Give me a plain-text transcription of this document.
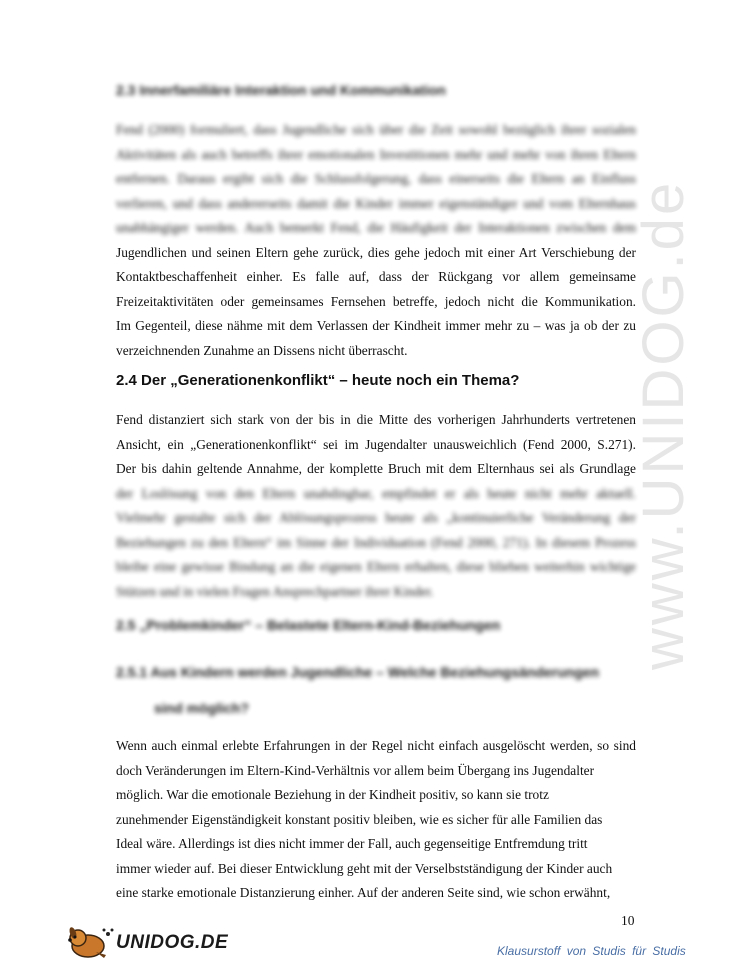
www.UNIDOG.de
2.3 Innerfamiliäre Interaktion und Kommunikation
Fend (2000) formuliert, dass Jugendliche sich über die Zeit sowohl bezüglich ihrer sozialen
Aktivitäten als auch betreffs ihrer emotionalen Investitionen mehr und mehr von ihren Eltern
entfernen. Daraus ergibt sich die Schlussfolgerung, dass einerseits die Eltern an Einfluss
verlieren, und dass andererseits damit die Kinder immer eigenständiger und vom Elternhaus
unabhängiger werden. Auch bemerkt Fend, die Häufigkeit der Interaktionen zwischen dem
Jugendlichen und seinen Eltern gehe zurück, dies gehe jedoch mit einer Art Verschiebung der
Kontaktbeschaffenheit einher. Es falle auf, dass der Rückgang vor allem gemeinsame
Freizeitaktivitäten oder gemeinsames Fernsehen betreffe, jedoch nicht die Kommunikation.
Im Gegenteil, diese nähme mit dem Verlassen der Kindheit immer mehr zu – was ja ob der zu
verzeichnenden Zunahme an Dissens nicht überrascht.
2.4 Der „Generationenkonflikt“ – heute noch ein Thema?
Fend distanziert sich stark von der bis in die Mitte des vorherigen Jahrhunderts vertretenen
Ansicht, ein „Generationenkonflikt“ sei im Jugendalter unausweichlich (Fend 2000, S.271).
Der bis dahin geltende Annahme, der komplette Bruch mit dem Elternhaus sei als Grundlage
der Loslösung von den Eltern unabdingbar, empfindet er als heute nicht mehr aktuell.
Vielmehr gestalte sich der Ablösungsprozess heute als „kontinuierliche Veränderung der
Beziehungen zu den Eltern“ im Sinne der Individuation (Fend 2000, 271). In diesem Prozess
bleibe eine gewisse Bindung an die eigenen Eltern erhalten, diese blieben weiterhin wichtige
Stützen und in vielen Fragen Ansprechpartner ihrer Kinder.
2.5 „Problemkinder“ – Belastete Eltern-Kind-Beziehungen
2.5.1 Aus Kindern werden Jugendliche – Welche Beziehungsänderungen
sind möglich?
Wenn auch einmal erlebte Erfahrungen in der Regel nicht einfach ausgelöscht werden, so sind
doch Veränderungen im Eltern-Kind-Verhältnis vor allem beim Übergang ins Jugendalter
möglich. War die emotionale Beziehung in der Kindheit positiv, so kann sie trotz
zunehmender Eigenständigkeit konstant positiv bleiben, wie es sicher für alle Familien das
Ideal wäre. Allerdings ist dies nicht immer der Fall, auch gegenseitige Entfremdung tritt
immer wieder auf. Bei dieser Entwicklung geht mit der Verselbstständigung der Kinder auch
eine starke emotionale Distanzierung einher. Auf der anderen Seite sind, wie schon erwähnt,
10
UNIDOG.DE	Klausurstoff von Studis für Studis
